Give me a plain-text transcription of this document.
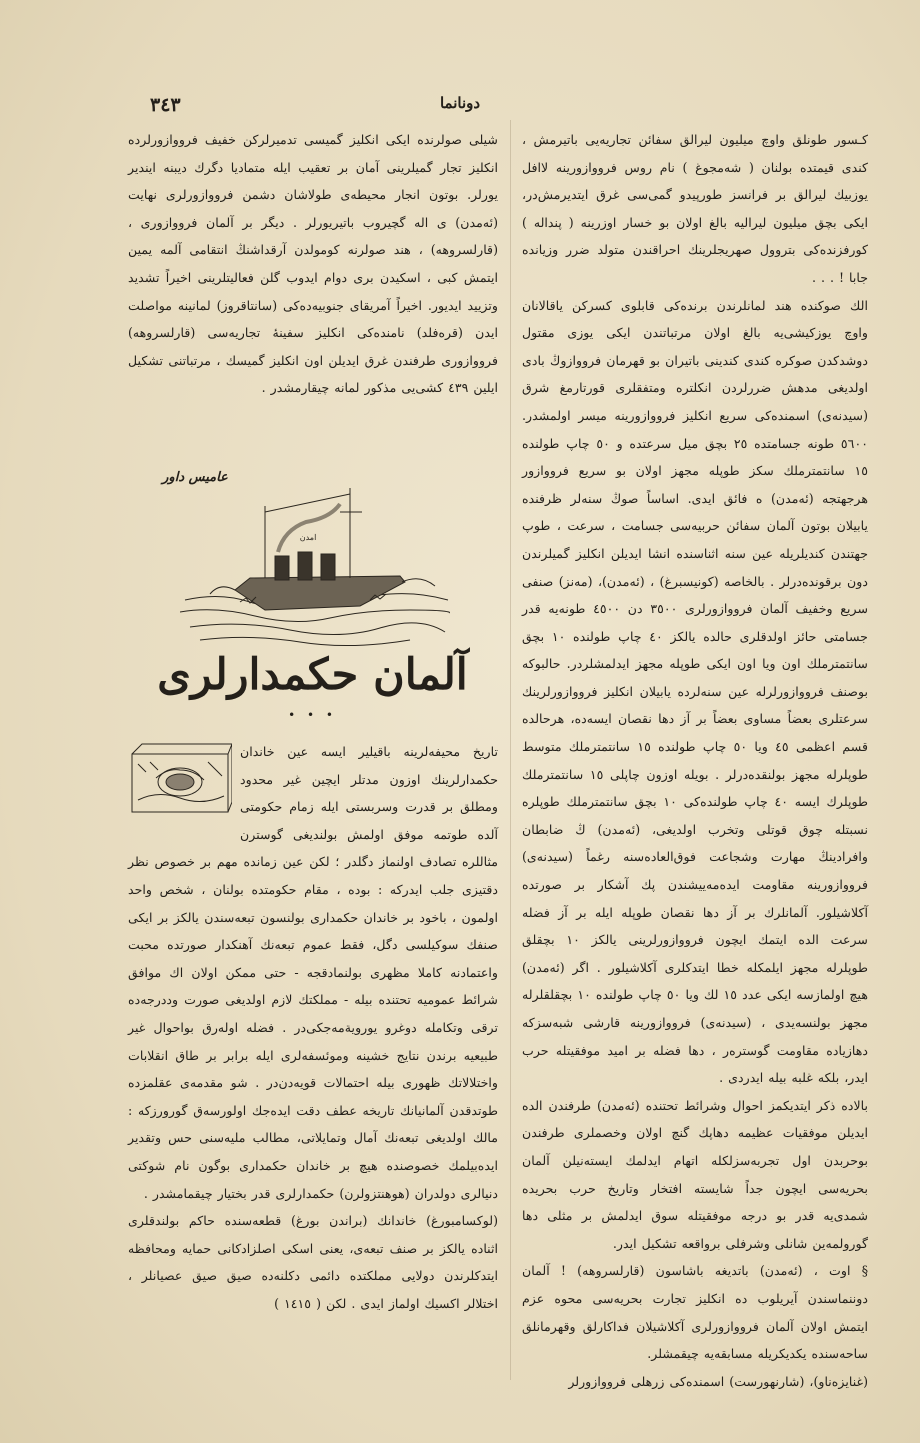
٣٤٣	دونانما

كـسور طونلق واوچ ميليون ليرالق سفائن تجاريه‌يى باتيرمش ، كندى قيمتده بولنان ( شه‌مجوغ ) نام روس فروواز‌ورينه لاافل يوزبيك ليرالق بر فرانسز طورپيدو گمى‌سى غرق ايتديرمش‌در، ايكى بچق ميليون ليراليه بالغ اولان بو خسار اوزرينه ( پنداله ) كورفزنده‌كى بتروول صهريجلرينك احراقندن متولد ضرر وزيانده جابا ! . . .

الك صوكنده هند لمانلرندن برنده‌كى قابلوى كسركن ياقالانان واوچ يوزكيشى‌يه بالغ اولان مرتباتندن ايكى يوزى مقتول دوشدكدن صوكره كندى كندينى باتيران بو قهرمان فروواز‌وڭ بادى اولديغى مدهش ضررلردن انكلتره ومتفقلرى قورتارمغ شرق (سيدنه‌ى) اسمنده‌كى سريع انكليز فروواز‌ورينه ميسر اولمشدر. ٥٦٠٠ طونه جسامتده ٢٥ بچق ميل سرعتده و ٥٠ چاپ طولنده ١٥ سانتمترملك سكز طوپله مجهز اولان بو سريع فروواز‌ور هرجهتجه (ئه‌مدن) ه فائق ايدى. اساساً صوڭ سنه‌لر ظرفنده يابيلان بوتون آلمان سفائن حربيه‌سى جسامت ، سرعت ، طوپ جهتندن كنديلريله عين سنه اثناسنده انشا ايديلن انكليز گميلرندن دون برقونده‌درلر . بالخاصه (كونيسبرغ) ، (ئه‌مدن)، (مه‌نز) صنفى سريع وخفيف آلمان فروواز‌ورلرى ٣٥٠٠ دن ٤٥٠٠ طونه‌يه قدر جسامتى حائز اولدقلرى حالده يالكز ٤٠ چاپ طولنده ١٠ بچق سانتمترملك اون ويا اون ايكى طوپله مجهز ايدلمشلردر. حالبوكه بوصنف فروواز‌ورلرله عين سنه‌لرده يابيلان انكليز فروواز‌ورلرينك سرعتلرى بعضاً مساوى بعضاً بر آز دها نقصان ايسه‌ده، هرحالده قسم اعظمى ٤٥ ويا ٥٠ چاپ طولنده ١٥ سانتمترملك متوسط طوپلرله مجهز بولنقده‌درلر . بويله اوزون چاپلى ١٥ سانتمترملك طوپلرك ايسه ٤٠ چاپ طولنده‌كى ١٠ بچق سانتمترملك طوپلره نسبتله چوق قوتلى وتخرب اولديغى، (ئه‌مدن) ڭ ضابطان وافرادينڭ مهارت وشجاعت فوق‌العاده‌سنه رغماً (سيدنه‌ى) فروواز‌ورينه مقاومت ايده‌مه‌ييشندن پك آشكار بر صورتده آكلاشيلور. آلمانلرك بر آز دها نقصان طوپله ايله بر آز فضله سرعت الده ايتمك ايچون فروواز‌ورلرينى يالكز ١٠ بچقلق طوپلرله مجهز ايلمكله خطا ايتدكلرى آكلاشيلور . اگر (ئه‌مدن) هيچ اولمازسه ايكى عدد ١٥ لك ويا ٥٠ چاپ طولنده ١٠ بچقلقلرله مجهز بولنسه‌يدى ، (سيدنه‌ى) فروواز‌ورينه قارشى شبه‌سزكه دهازياده مقاومت گوستره‌ر ، دها فضله بر اميد موفقيتله حرب ايدر، بلكه غلبه بيله ايدردى .

بالاده ذكر ايتديكمز احوال وشرائط تحتنده (ئه‌مدن) طرفندن الده ايديلن موفقيات عظيمه دهاپك گنچ اولان وخصملرى طرفندن بوحربدن اول تجربه‌سزلكله اتهام ايدلمك ايسته‌نيلن آلمان بحريه‌سى ايچون جداً شايسته افتخار وتاريخ حرب بحريده شمدى‌يه قدر بو درجه موفقيتله سوق ايدلمش بر مثلى دها گورولمه‌ين شانلى وشرفلى برواقعه تشكيل ايدر.

§ اوت ، (ئه‌مدن) باتديغه باشاسون (قارلسروهه) ! آلمان دوننماسندن آيريلوب ده انكليز تجارت بحريه‌سى محوه عزم ايتمش اولان آلمان فروواز‌ورلرى آكلاشيلان فداكارلق وقهرمانلق ساحه‌سنده يكديكريله مسابقه‌يه چيقمشلر.

(غنايزه‌ناو)، (شارنهورست) اسمنده‌كى زرهلى فروواز‌ورلر

شيلى صولرنده ايكى انكليز گميسى تدميرلركن خفيف فروواز‌ورلرده انكليز تجار گميلرينى آمان بر تعقيب ايله متماديا دگرك ديبنه ايندير يورلر. بوتون انجار محيطه‌ى طولاشان دشمن فروواز‌ورلرى نهايت (ئه‌مدن) ى اله گچيروب باتيريورلر . ديگر بر آلمان فروواز‌ورى ، (قارلسروهه) ، هند صولرنه كومولدن آرقداشنڭ انتقامى آلمه يمين ايتمش كبى ، اسكيدن برى دوام ايدوب گلن فعاليتلرينى اخيراً تشديد وتزييد ايديور. اخيراً آمريقاى جنوبيه‌ده‌كى (سانتاقروز) لمانينه مواصلت ايدن (قره‌فلد) نامنده‌كى انكليز سفينهٔ تجاريه‌سى (قارلسروهه) فروواز‌ورى طرفندن غرق ايديلن اون انكليز گميسك ، مرتباتنى تشكيل ايلين ٤٣٩ كشى‌يى مذكور لمانه چيقارمشدر .

عاميس داور
امدن
آلمان حكمدارلرى
• • •

تاريخ محيفه‌لرينه باقيلير ايسه عين خاندان حكمدارلرينك اوزون مدتلر ايچين غير محدود ومطلق بر قدرت وسربستى ايله زمام حكومتى آلده طوتمه موفق اولمش بولنديغى گوسترن مثاللره تصادف اولنماز دگلدر ؛ لكن عين زمانده مهم بر خصوص نظر دقتيزى جلب ايدركه : بوده ، مقام حكومتده بولنان ، شخص واحد اولمون ، باخود بر خاندان حكمدارى بولنسون تبعه‌سندن يالكز بر ايكى صنفك سوكيلسى دگل، فقط عموم تبعه‌نك آهنكدار صورتده محبت واعتمادنه كاملا مظهرى بولنمادقجه - حتى ممكن اولان اك موافق شرائط عموميه تحتنده بيله - مملكتك لازم اولديغى صورت وددرجه‌ده ترقى وتكامله دوغرو يوروية‌مه‌جكى‌در . فضله اوله‌رق بواحوال غير طبيعيه برندن نتايج خشينه وموئسفه‌لرى ايله برابر بر طاق انقلابات واختلالاتك ظهورى بيله احتمالات قويه‌دن‌در . شو مقدمه‌ى عقلمزده طوتدقدن آلمانيانك تاريخه عطف دقت ايده‌جك اولورسه‌ق گورورزكه : مالك اولديغى تبعه‌نك آمال وتمايلاتى، مطالب مليه‌سنى حس وتقدير ايده‌بيلمك خصوصنده هيچ بر خاندان حكمدارى بوگون نام شوكتى دنيالرى دولدران (هوهنتزولرن) حكمدارلرى قدر بختيار چيقمامشدر .

(لوكسامبورغ) خاندانك (براندن بورغ) قطعه‌سنده حاكم بولندقلرى اثناده يالكز بر صنف تبعه‌ى، يعنى اسكى اصلزادكانى حمايه ومحافظه ايتدكلرندن دولايى مملكتده دائمى دكلنه‌ده صيق صيق عصيانلر ، اختلالر اكسيك اولماز ايدى . لكن ( ١٤١٥ )
